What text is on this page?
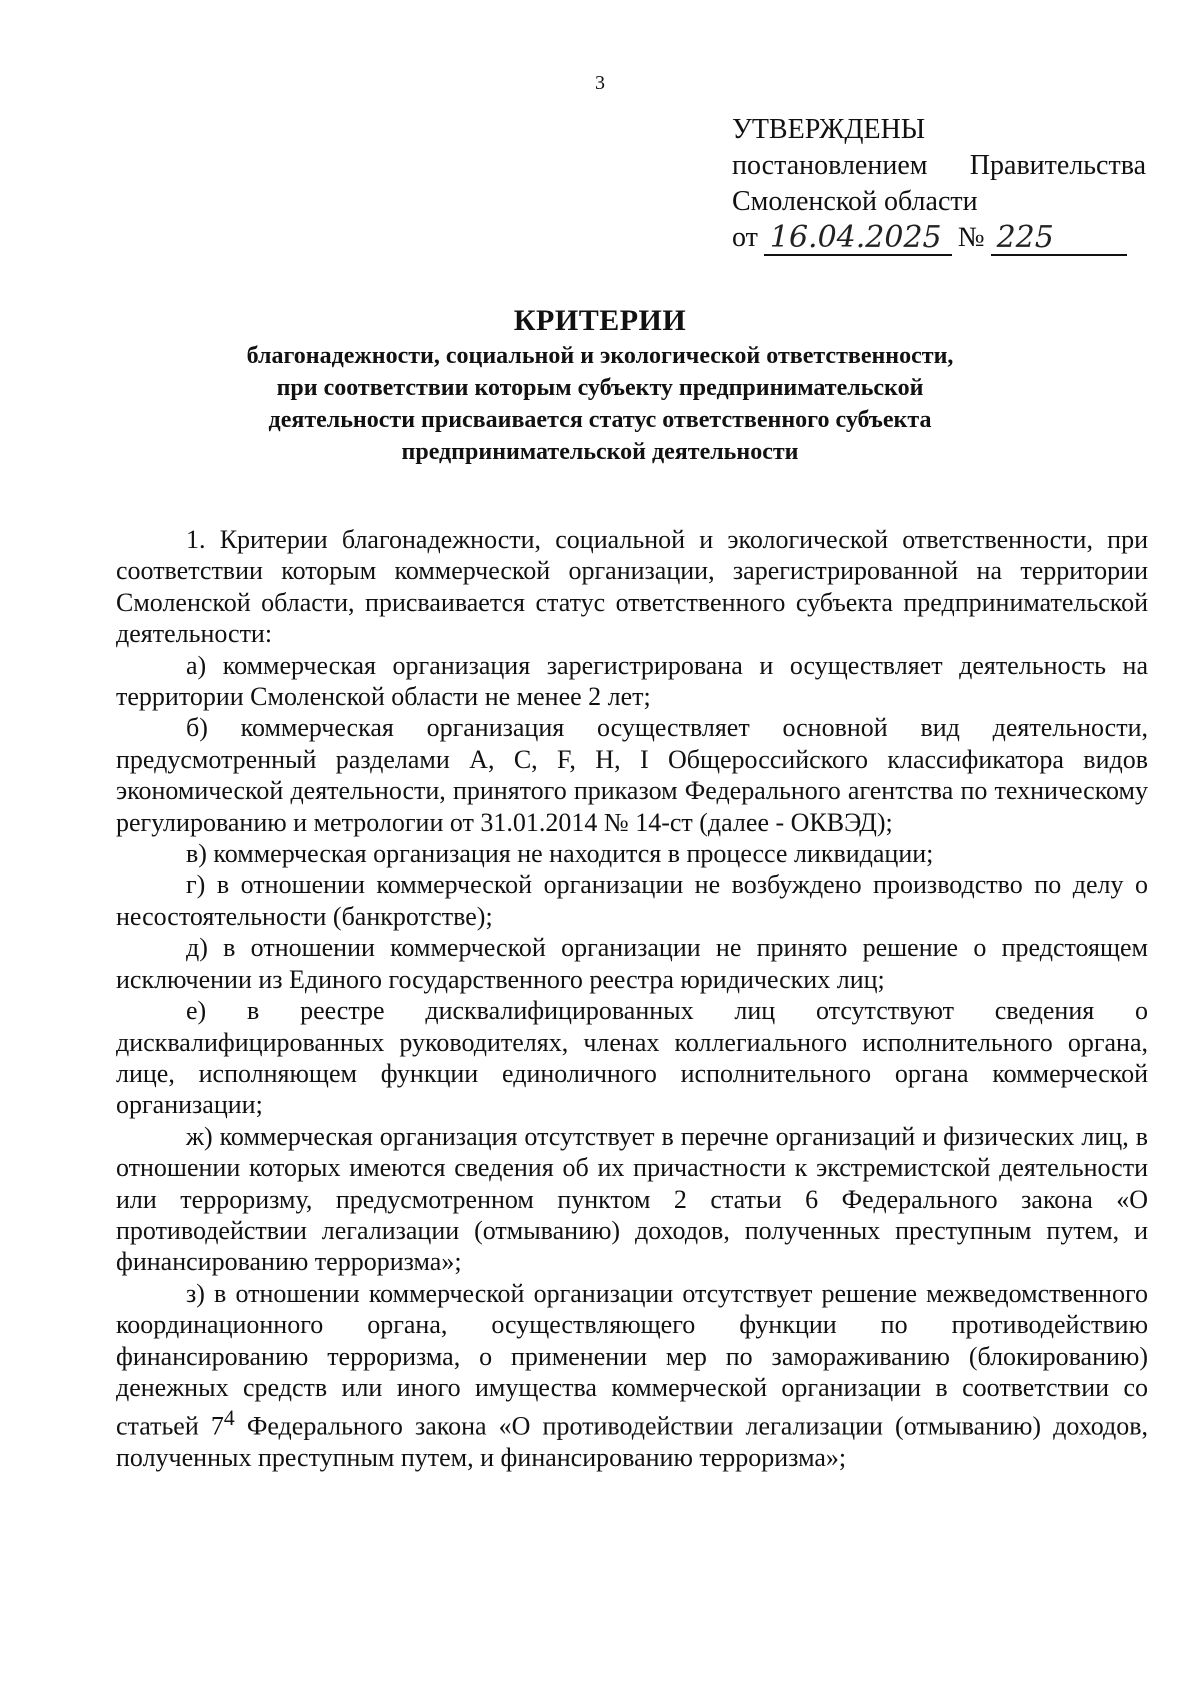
3
УТВЕРЖДЕНЫ
постановлением Правительства
Смоленской области
от 16.04.2025 № 225
КРИТЕРИИ
благонадежности, социальной и экологической ответственности, при соответствии которым субъекту предпринимательской деятельности присваивается статус ответственного субъекта предпринимательской деятельности

1. Критерии благонадежности, социальной и экологической ответственности, при соответствии которым коммерческой организации, зарегистрированной на территории Смоленской области, присваивается статус ответственного субъекта предпринимательской деятельности:

а) коммерческая организация зарегистрирована и осуществляет деятельность на территории Смоленской области не менее 2 лет;

б) коммерческая организация осуществляет основной вид деятельности, предусмотренный разделами A, C, F, H, I Общероссийского классификатора видов экономической деятельности, принятого приказом Федерального агентства по техническому регулированию и метрологии от 31.01.2014 № 14-ст (далее - ОКВЭД);

в) коммерческая организация не находится в процессе ликвидации;

г) в отношении коммерческой организации не возбуждено производство по делу о несостоятельности (банкротстве);

д) в отношении коммерческой организации не принято решение о предстоящем исключении из Единого государственного реестра юридических лиц;

е) в реестре дисквалифицированных лиц отсутствуют сведения о дисквалифицированных руководителях, членах коллегиального исполнительного органа, лице, исполняющем функции единоличного исполнительного органа коммерческой организации;

ж) коммерческая организация отсутствует в перечне организаций и физических лиц, в отношении которых имеются сведения об их причастности к экстремистской деятельности или терроризму, предусмотренном пунктом 2 статьи 6 Федерального закона «О противодействии легализации (отмыванию) доходов, полученных преступным путем, и финансированию терроризма»;

з) в отношении коммерческой организации отсутствует решение межведомственного координационного органа, осуществляющего функции по противодействию финансированию терроризма, о применении мер по замораживанию (блокированию) денежных средств или иного имущества коммерческой организации в соответствии со статьей $7^4$ Федерального закона «О противодействии легализации (отмыванию) доходов, полученных преступным путем, и финансированию терроризма»;
